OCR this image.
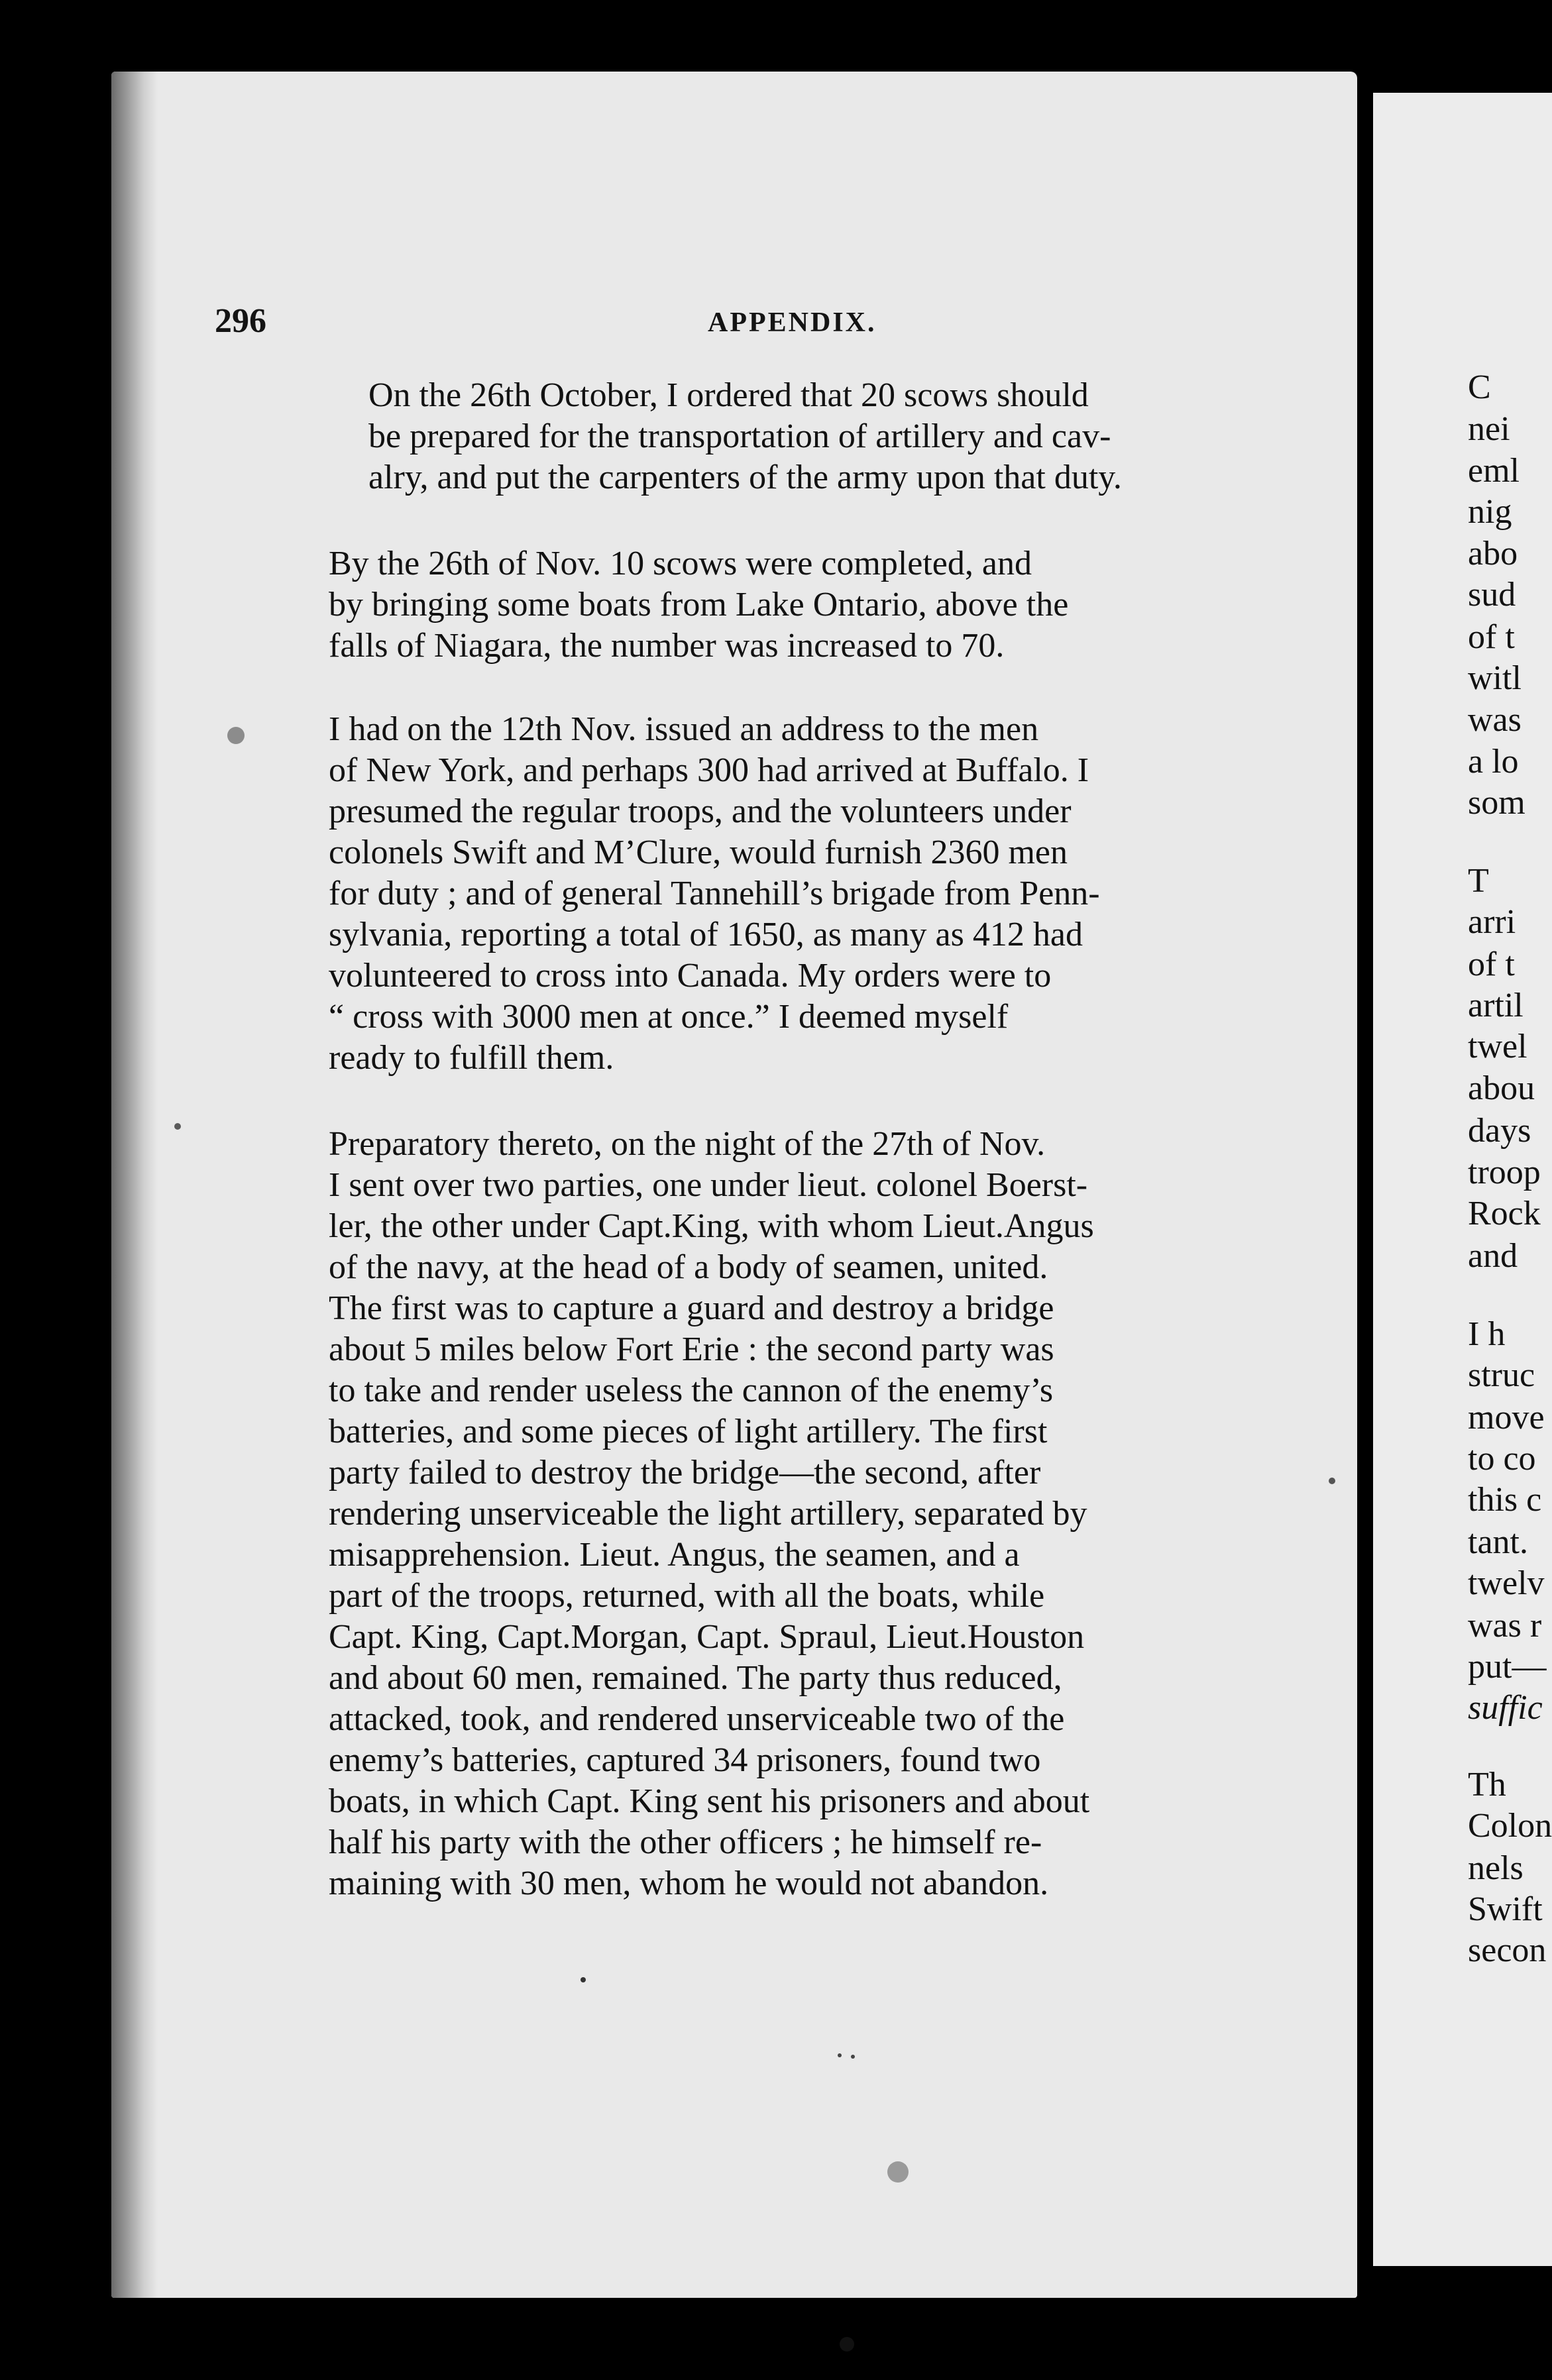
296	APPENDIX.

On the 26th October, I ordered that 20 scows should
be prepared for the transportation of artillery and cav-
alry, and put the carpenters of the army upon that duty.

By the 26th of Nov. 10 scows were completed, and
by bringing some boats from Lake Ontario, above the
falls of Niagara, the number was increased to 70.

I had on the 12th Nov. issued an address to the men
of New York, and perhaps 300 had arrived at Buffalo. I
presumed the regular troops, and the volunteers under
colonels Swift and M’Clure, would furnish 2360 men
for duty ; and of general Tannehill’s brigade from Penn-
sylvania, reporting a total of 1650, as many as 412 had
volunteered to cross into Canada. My orders were to
“ cross with 3000 men at once.” I deemed myself
ready to fulfill them.

Preparatory thereto, on the night of the 27th of Nov.
I sent over two parties, one under lieut. colonel Boerst-
ler, the other under Capt.King, with whom Lieut.Angus
of the navy, at the head of a body of seamen, united.
The first was to capture a guard and destroy a bridge
about 5 miles below Fort Erie : the second party was
to take and render useless the cannon of the enemy’s
batteries, and some pieces of light artillery. The first
party failed to destroy the bridge—the second, after
rendering unserviceable the light artillery, separated by
misapprehension. Lieut. Angus, the seamen, and a
part of the troops, returned, with all the boats, while
Capt. King, Capt.Morgan, Capt. Spraul, Lieut.Houston
and about 60 men, remained. The party thus reduced,
attacked, took, and rendered unserviceable two of the
enemy’s batteries, captured 34 prisoners, found two
boats, in which Capt. King sent his prisoners and about
half his party with the other officers ; he himself re-
maining with 30 men, whom he would not abandon.

C
nei
eml
nig
abo
sud
of t
witl
was
a lo
som
T
arri
of t
artil
twel
abou
days
troop
Rock
and
I h
struc
move
to co
this c
tant.
twelv
was r
put—
suffic
Th
Colon
nels
Swift
secon
